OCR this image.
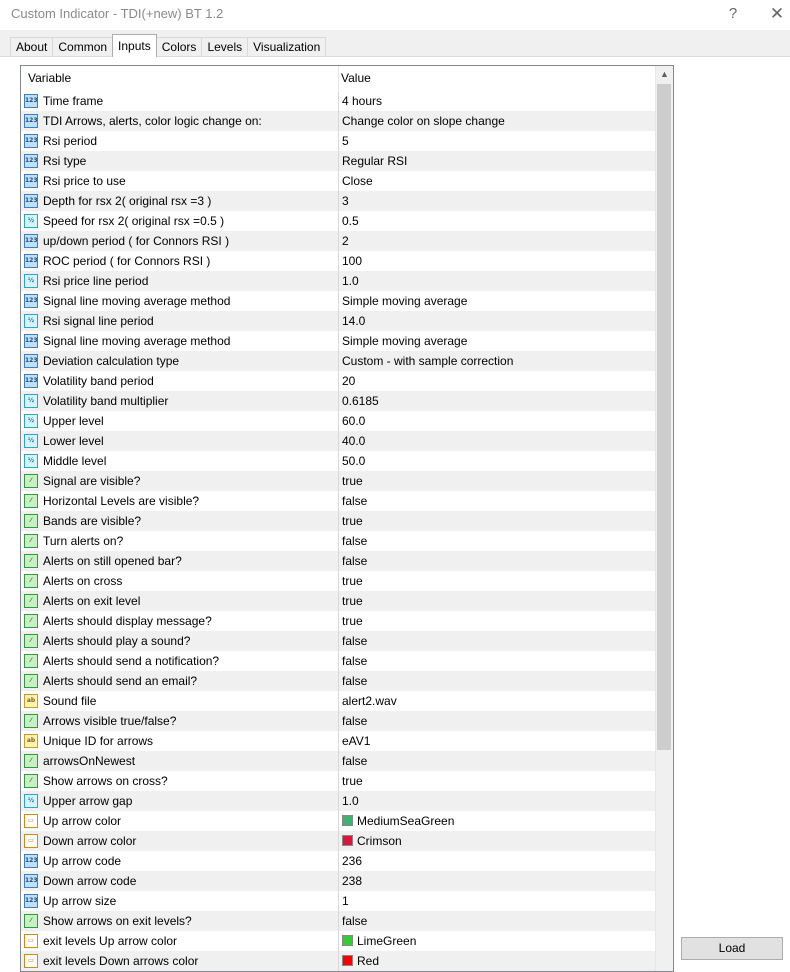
Custom Indicator - TDI(+new) BT 1.2	?	✕
About Common Inputs Colors Levels Visualization
Variable	Value
123 Time frame	4 hours
123 TDI Arrows, alerts, color logic change on:	Change color on slope change
123 Rsi period	5
123 Rsi type	Regular RSI
123 Rsi price to use	Close
123 Depth for rsx 2( original rsx =3 )	3
½ Speed for rsx 2( original rsx =0.5 )	0.5
123 up/down period ( for Connors RSI )	2
123 ROC period ( for Connors RSI )	100
½ Rsi price line period	1.0
123 Signal line moving average method	Simple moving average
½ Rsi signal line period	14.0
123 Signal line moving average method	Simple moving average
123 Deviation calculation type	Custom - with sample correction
123 Volatility band period	20
½ Volatility band multiplier	0.6185
½ Upper level	60.0
½ Lower level	40.0
½ Middle level	50.0
⁄ Signal are visible?	true
⁄ Horizontal Levels are visible?	false
⁄ Bands are visible?	true
⁄ Turn alerts on?	false
⁄ Alerts on still opened bar?	false
⁄ Alerts on cross	true
⁄ Alerts on exit level	true
⁄ Alerts should display message?	true
⁄ Alerts should play a sound?	false
⁄ Alerts should send a notification?	false
⁄ Alerts should send an email?	false
ab Sound file	alert2.wav
⁄ Arrows visible true/false?	false
ab Unique ID for arrows	eAV1
⁄ arrowsOnNewest	false
⁄ Show arrows on cross?	true
½ Upper arrow gap	1.0
▭ Up arrow color	MediumSeaGreen
▭ Down arrow color	Crimson
123 Up arrow code	236
123 Down arrow code	238
123 Up arrow size	1
⁄ Show arrows on exit levels?	false
▭ exit levels Up arrow color	LimeGreen
▭ exit levels Down arrows color	Red
▲
Load
